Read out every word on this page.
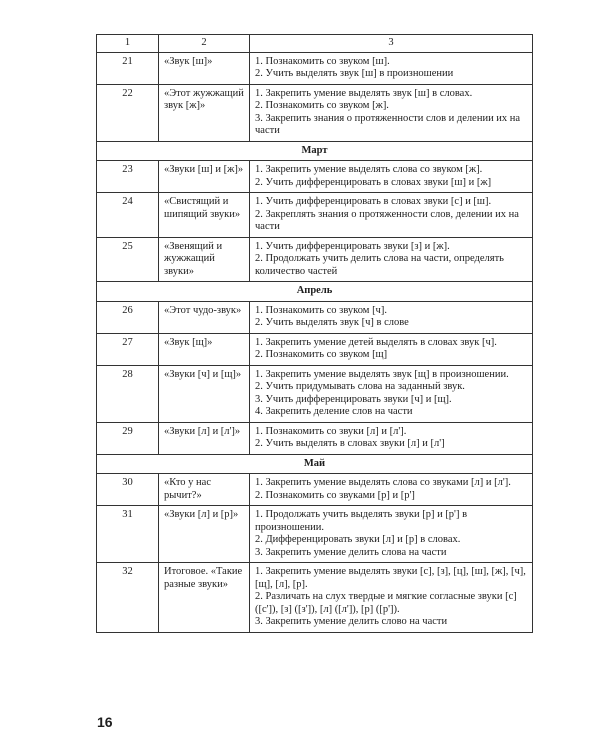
1	2	3
21	«Звук [ш]»	1. Познакомить со звуком [ш].
2. Учить выделять звук [ш] в произношении

22	«Этот жужжащий звук [ж]»	1. Закрепить умение выделять звук [ш] в словах.
2. Познакомить со звуком [ж].
3. Закрепить знания о протяженности слов и делении их на части

Март		
23	«Звуки [ш] и [ж]»	1. Закрепить умение выделять слова со звуком [ж].
2. Учить дифференцировать в словах звуки [ш] и [ж]

24	«Свистящий и шипящий звуки»	1. Учить дифференцировать в словах звуки [с] и [ш].
2. Закреплять знания о протяженности слов, делении их на части

25	«Звенящий и жужжащий звуки»	1. Учить дифференцировать звуки [з] и [ж].
2. Продолжать учить делить слова на части, определять количество частей

Апрель		
26	«Этот чудо-звук»	1. Познакомить со звуком [ч].
2. Учить выделять звук [ч] в слове

27	«Звук [щ]»	1. Закрепить умение детей выделять в словах звук [ч].
2. Познакомить со звуком [щ]

28	«Звуки [ч] и [щ]»	1. Закрепить умение выделять звук [щ] в произношении.
2. Учить придумывать слова на заданный звук.
3. Учить дифференцировать звуки [ч] и [щ].
4. Закрепить деление слов на части

29	«Звуки [л] и [л']»	1. Познакомить со звуки [л] и [л'].
2. Учить выделять в словах звуки [л] и [л']

Май		
30	«Кто у нас рычит?»	1. Закрепить умение выделять слова со звуками [л] и [л'].
2. Познакомить со звуками [р] и [р']

31	«Звуки [л] и [р]»	1. Продолжать учить выделять звуки [р] и [р'] в произношении.
2. Дифференцировать звуки [л] и [р] в словах.
3. Закрепить умение делить слова на части

32	Итоговое. «Такие разные звуки»	1. Закрепить умение выделять звуки [с], [з], [ц], [ш], [ж], [ч], [щ], [л], [р].
2. Различать на слух твердые и мягкие согласные звуки [с] ([с']), [з] ([з']), [л] ([л']), [р] ([р']).
3. Закрепить умение делить слово на части
16
